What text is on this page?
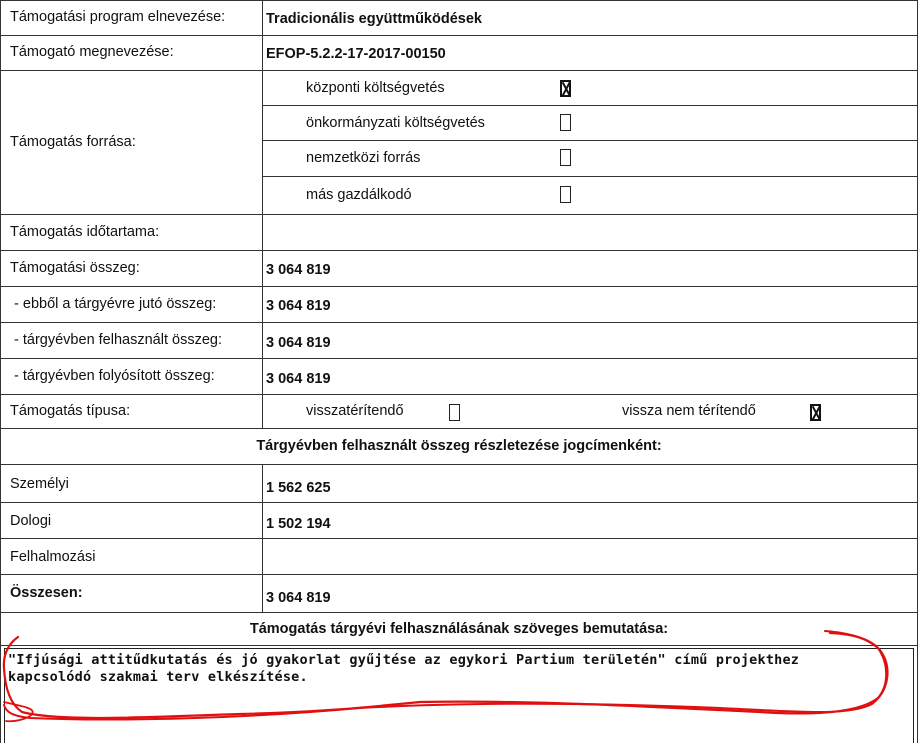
Támogatási program elnevezése:	Tradicionális együttműködések
Támogató megnevezése:	EFOP-5.2.2-17-2017-00150
Támogatás forrása:
központi költségvetés
önkormányzati költségvetés
nemzetközi forrás
más gazdálkodó
Támogatás időtartama:
Támogatási összeg:	3 064 819
- ebből a tárgyévre jutó összeg:	3 064 819
- tárgyévben felhasznált összeg:	3 064 819
- tárgyévben folyósított összeg:	3 064 819
Támogatás típusa:	visszatérítendő	vissza nem térítendő
Tárgyévben felhasznált összeg részletezése jogcímenként:
Személyi	1 562 625
Dologi	1 502 194
Felhalmozási
Összesen:	3 064 819
Támogatás tárgyévi felhasználásának szöveges bemutatása:
"Ifjúsági attitűdkutatás és jó gyakorlat gyűjtése az egykori Partium területén" című projekthez
kapcsolódó szakmai terv elkészítése.
